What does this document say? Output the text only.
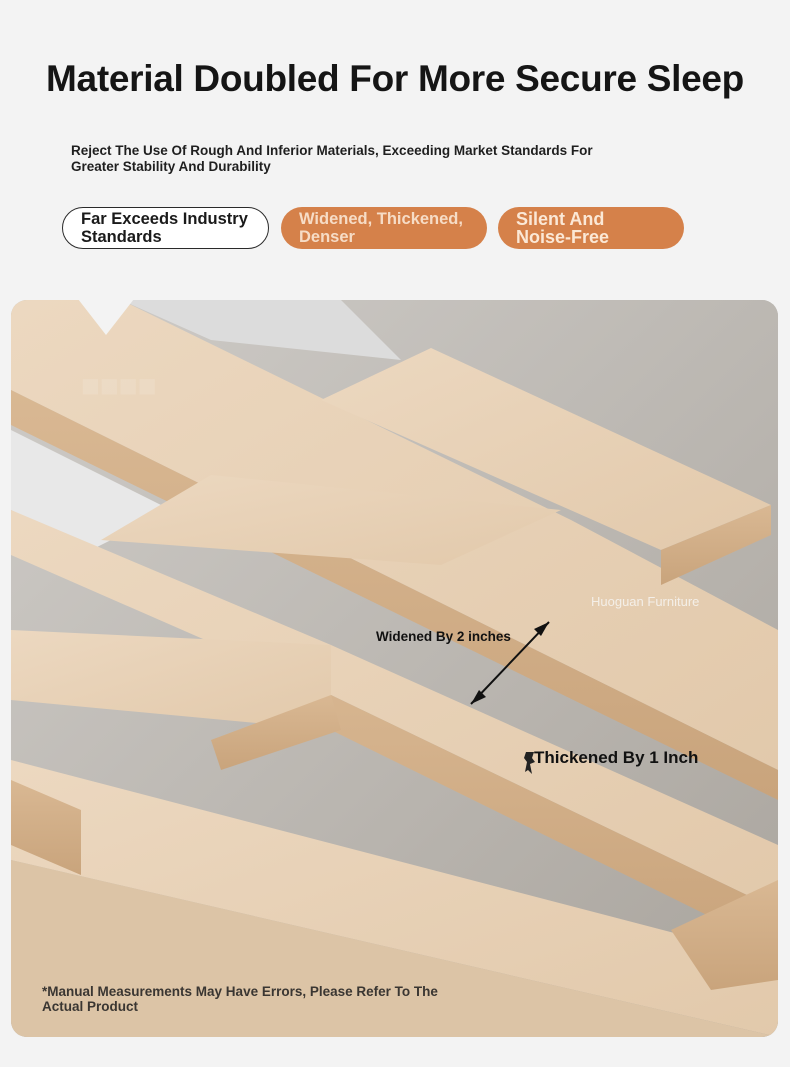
Material Doubled For More Secure Sleep
Reject The Use Of Rough And Inferior Materials, Exceeding Market Standards For Greater Stability And Durability
Far Exceeds Industry
Standards
Widened, Thickened,
Denser
Silent And
Noise-Free
■■■■
Huoguan Furniture
Widened By 2 inches
Thickened By 1 Inch
*Manual Measurements May Have Errors, Please Refer To The Actual Product
